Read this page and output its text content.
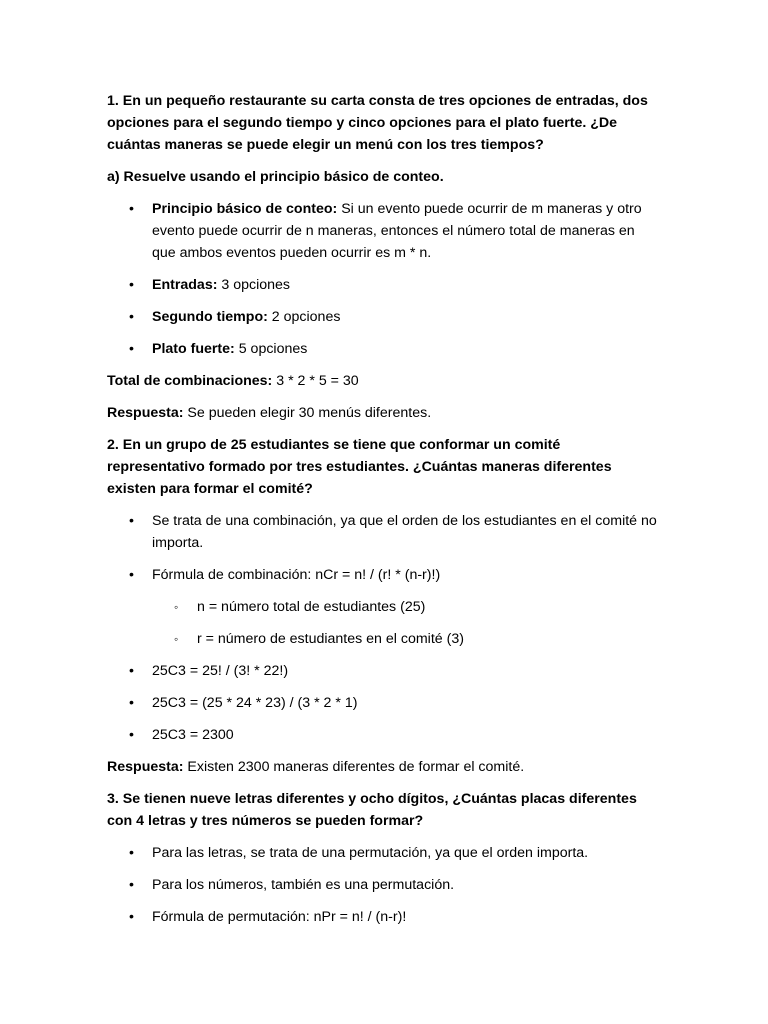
1. En un pequeño restaurante su carta consta de tres opciones de entradas, dos opciones para el segundo tiempo y cinco opciones para el plato fuerte. ¿De cuántas maneras se puede elegir un menú con los tres tiempos?

a) Resuelve usando el principio básico de conteo.

• Principio básico de conteo: Si un evento puede ocurrir de m maneras y otro evento puede ocurrir de n maneras, entonces el número total de maneras en que ambos eventos pueden ocurrir es m * n.
• Entradas: 3 opciones
• Segundo tiempo: 2 opciones
• Plato fuerte: 5 opciones

Total de combinaciones: 3 * 2 * 5 = 30

Respuesta: Se pueden elegir 30 menús diferentes.

2. En un grupo de 25 estudiantes se tiene que conformar un comité representativo formado por tres estudiantes. ¿Cuántas maneras diferentes existen para formar el comité?

• Se trata de una combinación, ya que el orden de los estudiantes en el comité no importa.
• Fórmula de combinación: nCr = n! / (r! * (n-r)!)
◦ n = número total de estudiantes (25)
◦ r = número de estudiantes en el comité (3)
• 25C3 = 25! / (3! * 22!)
• 25C3 = (25 * 24 * 23) / (3 * 2 * 1)
• 25C3 = 2300

Respuesta: Existen 2300 maneras diferentes de formar el comité.

3. Se tienen nueve letras diferentes y ocho dígitos, ¿Cuántas placas diferentes con 4 letras y tres números se pueden formar?

• Para las letras, se trata de una permutación, ya que el orden importa.
• Para los números, también es una permutación.
• Fórmula de permutación: nPr = n! / (n-r)!
